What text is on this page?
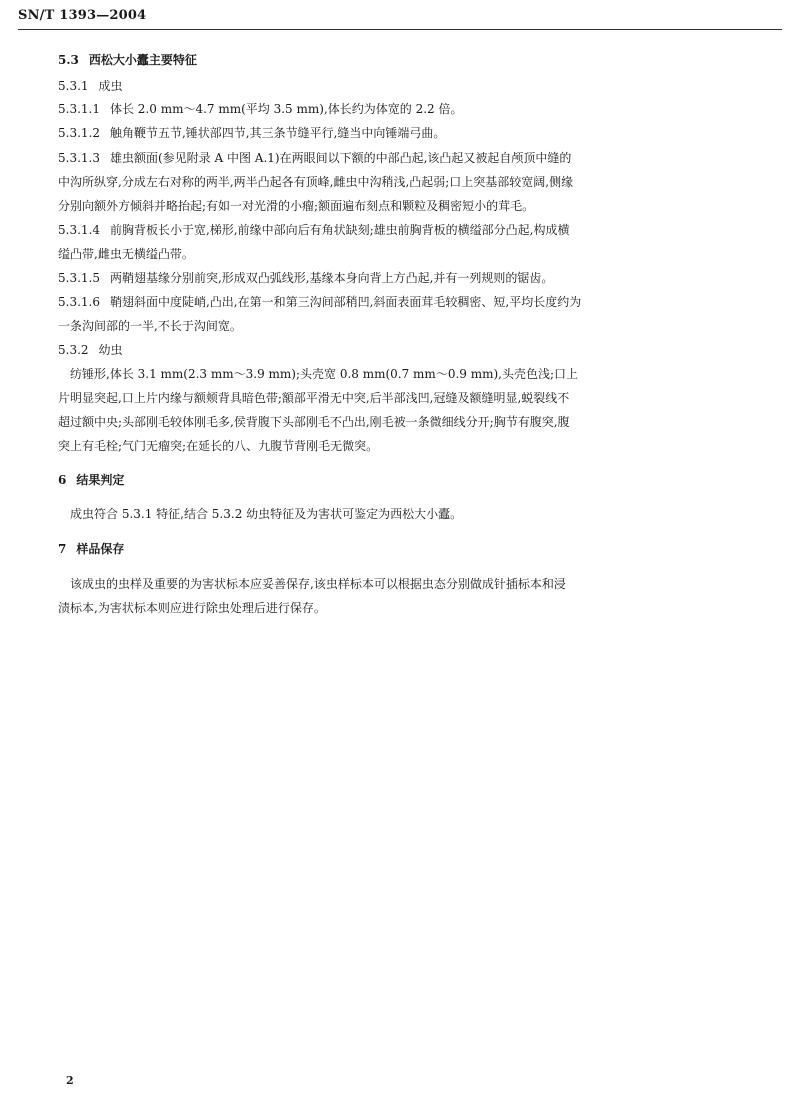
SN/T 1393—2004
5.3 西松大小蠹主要特征
5.3.1 成虫
5.3.1.1 体长 2.0 mm～4.7 mm(平均 3.5 mm),体长约为体宽的 2.2 倍。
5.3.1.2 触角鞭节五节,锤状部四节,其三条节缝平行,缝当中向锤端弓曲。
5.3.1.3 雄虫额面(参见附录 A 中图 A.1)在两眼间以下额的中部凸起,该凸起又被起自颅顶中缝的
中沟所纵穿,分成左右对称的两半,两半凸起各有顶峰,雌虫中沟稍浅,凸起弱;口上突基部较宽阔,侧缘
分别向额外方倾斜并略抬起;有如一对光滑的小瘤;额面遍布刻点和颗粒及稠密短小的茸毛。
5.3.1.4 前胸背板长小于宽,梯形,前缘中部向后有角状缺刻;雄虫前胸背板的横缢部分凸起,构成横
缢凸带,雌虫无横缢凸带。
5.3.1.5 两鞘翅基缘分别前突,形成双凸弧线形,基缘本身向背上方凸起,并有一列规则的锯齿。
5.3.1.6 鞘翅斜面中度陡峭,凸出,在第一和第三沟间部稍凹,斜面表面茸毛较稠密、短,平均长度约为
一条沟间部的一半,不长于沟间宽。
5.3.2 幼虫
　纺锤形,体长 3.1 mm(2.3 mm～3.9 mm);头壳宽 0.8 mm(0.7 mm～0.9 mm),头壳色浅;口上
片明显突起,口上片内缘与额颊背具暗色带;額部平滑无中突,后半部浅凹,冠缝及额缝明显,蜕裂线不
超过额中央;头部刚毛较体刚毛多,侯背腹下头部刚毛不凸出,刚毛被一条微细线分开;胸节有腹突,腹
突上有毛栓;气门无瘤突;在延长的八、九腹节背刚毛无微突。
6 结果判定
　成虫符合 5.3.1 特征,结合 5.3.2 幼虫特征及为害状可鉴定为西松大小蠹。
7 样品保存
　该成虫的虫样及重要的为害状标本应妥善保存,该虫样标本可以根据虫态分别做成针插标本和浸
渍标本,为害状标本则应进行除虫处理后进行保存。
2
